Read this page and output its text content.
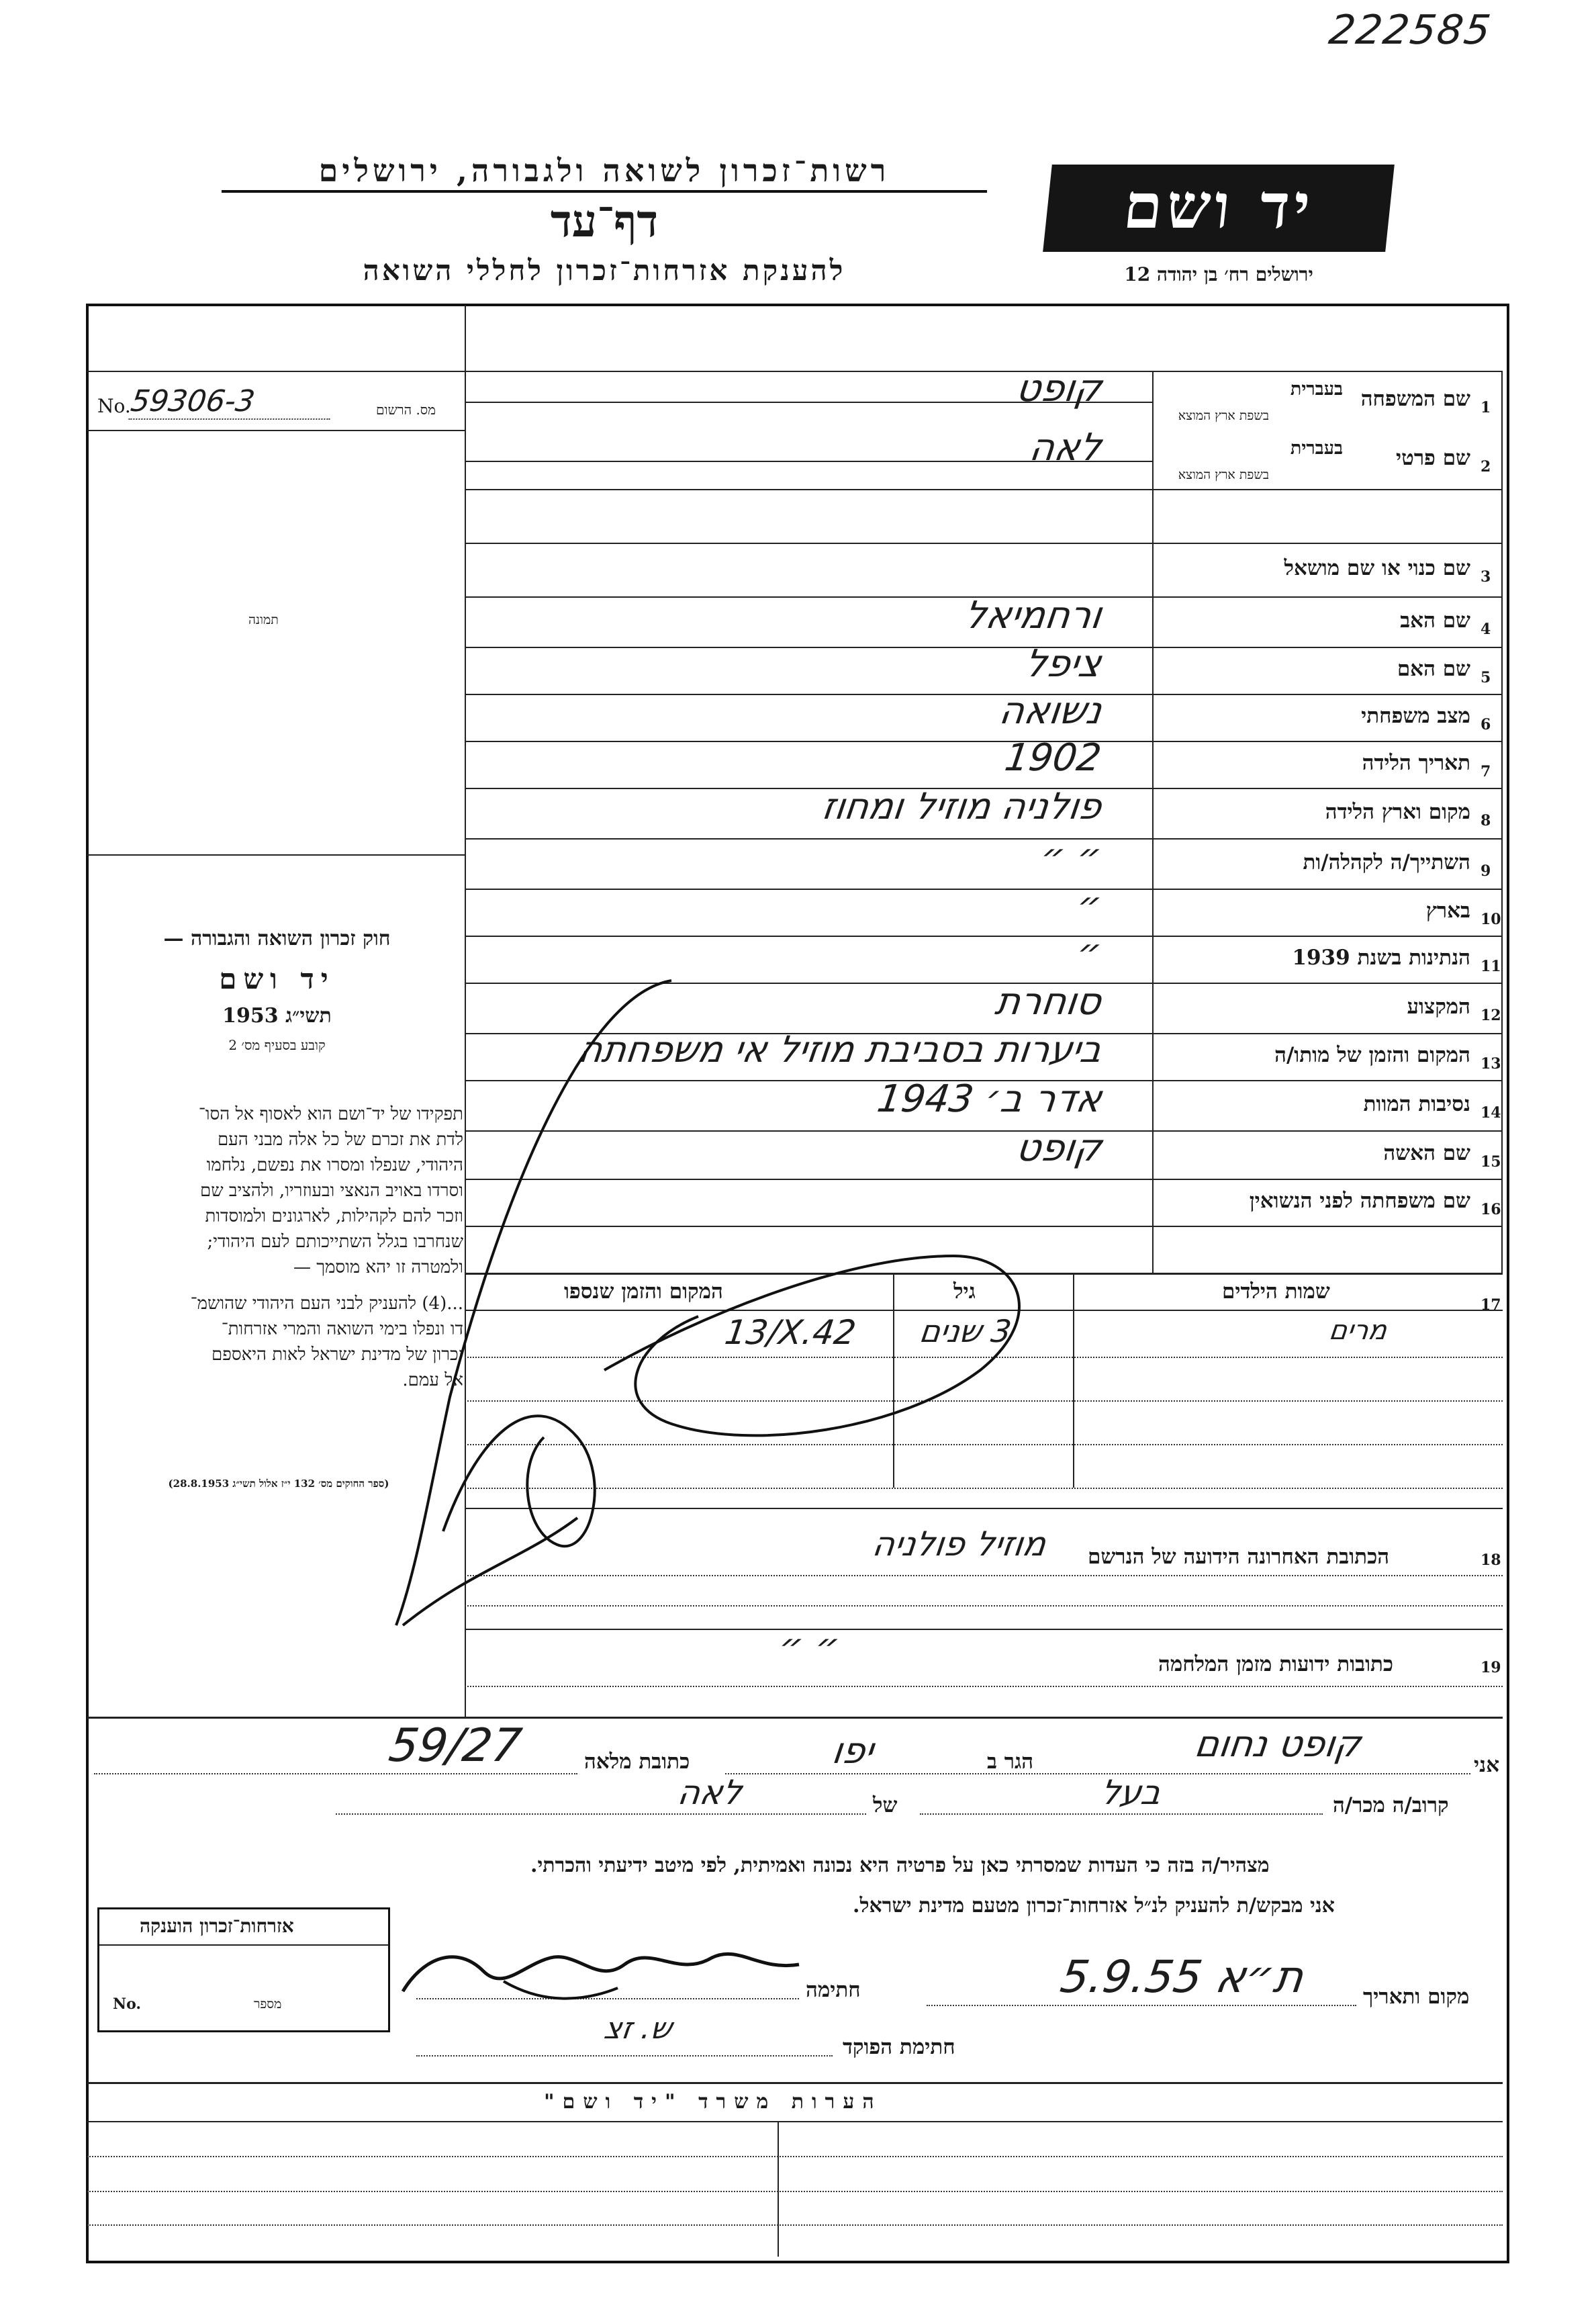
222585
רשות־זכרון לשואה ולגבורה, ירושלים
דף־עד
להענקת אזרחות־זכרון לחללי השואה
יד ושם
ירושלים רח׳ בן יהודה 12
מס. הרשום
No.
59306-3
תמונה
חוק זכרון השואה והגבורה —
יד ושם
תשי״ג 1953
קובע בסעיף מס׳ 2
תפקידו של יד־ושם הוא לאסוף אל הסו־
לדת את זכרם של כל אלה מבני העם
היהודי, שנפלו ומסרו את נפשם, נלחמו
וסרדו באויב הנאצי ובעוזריו, ולהציב שם
וזכר להם לקהילות, לארגונים ולמוסדות
שנחרבו בגלל השתייכותם לעם היהודי;
ולמטרה זו יהא מוסמך —
...(4) להעניק לבני העם היהודי שהושמ־
דו ונפלו בימי השואה והמרי אזרחות־
זכרון של מדינת ישראל לאות היאספם
אל עמם.
(ספר החוקים מס׳ 132 י״ז אלול תשי״ג 28.8.1953)
1
שם המשפחה
בעברית
בשפת ארץ המוצא
קופט
2
שם פרטי
בעברית
בשפת ארץ המוצא
לאה
3
שם כנוי או שם מושאל
4
שם האב
ורחמיאל
5
שם האם
ציפל
6
מצב משפחתי
נשואה
7
תאריך הלידה
1902
8
מקום וארץ הלידה
פולניה מוזיל ומחוז
9
השתייך/ה לקהלה/ות
״ ״
10
בארץ
״
11
הנתינות בשנת 1939
״
12
המקצוע
סוחרת
13
המקום והזמן של מותו/ה
ביערות בסביבת מוזיל אי משפחתה
14
נסיבות המוות
אדר ב׳ 1943
15
שם האשה
קופט
16
שם משפחתה לפני הנשואין
17
שמות הילדים
גיל
המקום והזמן שנספו
מרים
3 שנים
13/X.42
18
הכתובת האחרונה הידועה של הנרשם
מוזיל פולניה
19
כתובות ידועות מזמן המלחמה
״ ״
אני
קופט נחום
הגר ב
יפו
כתובת מלאה
59/27
קרוב/ה מכר/ה
בעל
של
לאה
מצהיר/ה בזה כי העדות שמסרתי כאן על פרטיה היא נכונה ואמיתית, לפי מיטב ידיעתי והכרתי.
אני מבקש/ת להעניק לנ״ל אזרחות־זכרון מטעם מדינת ישראל.
אזרחות־זכרון הוענקה
No.	מספר	מקום ותאריך
ת״א 5.9.55
חתימה
חתימת הפוקד
ש. זצ
הערות משרד "יד ושם"
